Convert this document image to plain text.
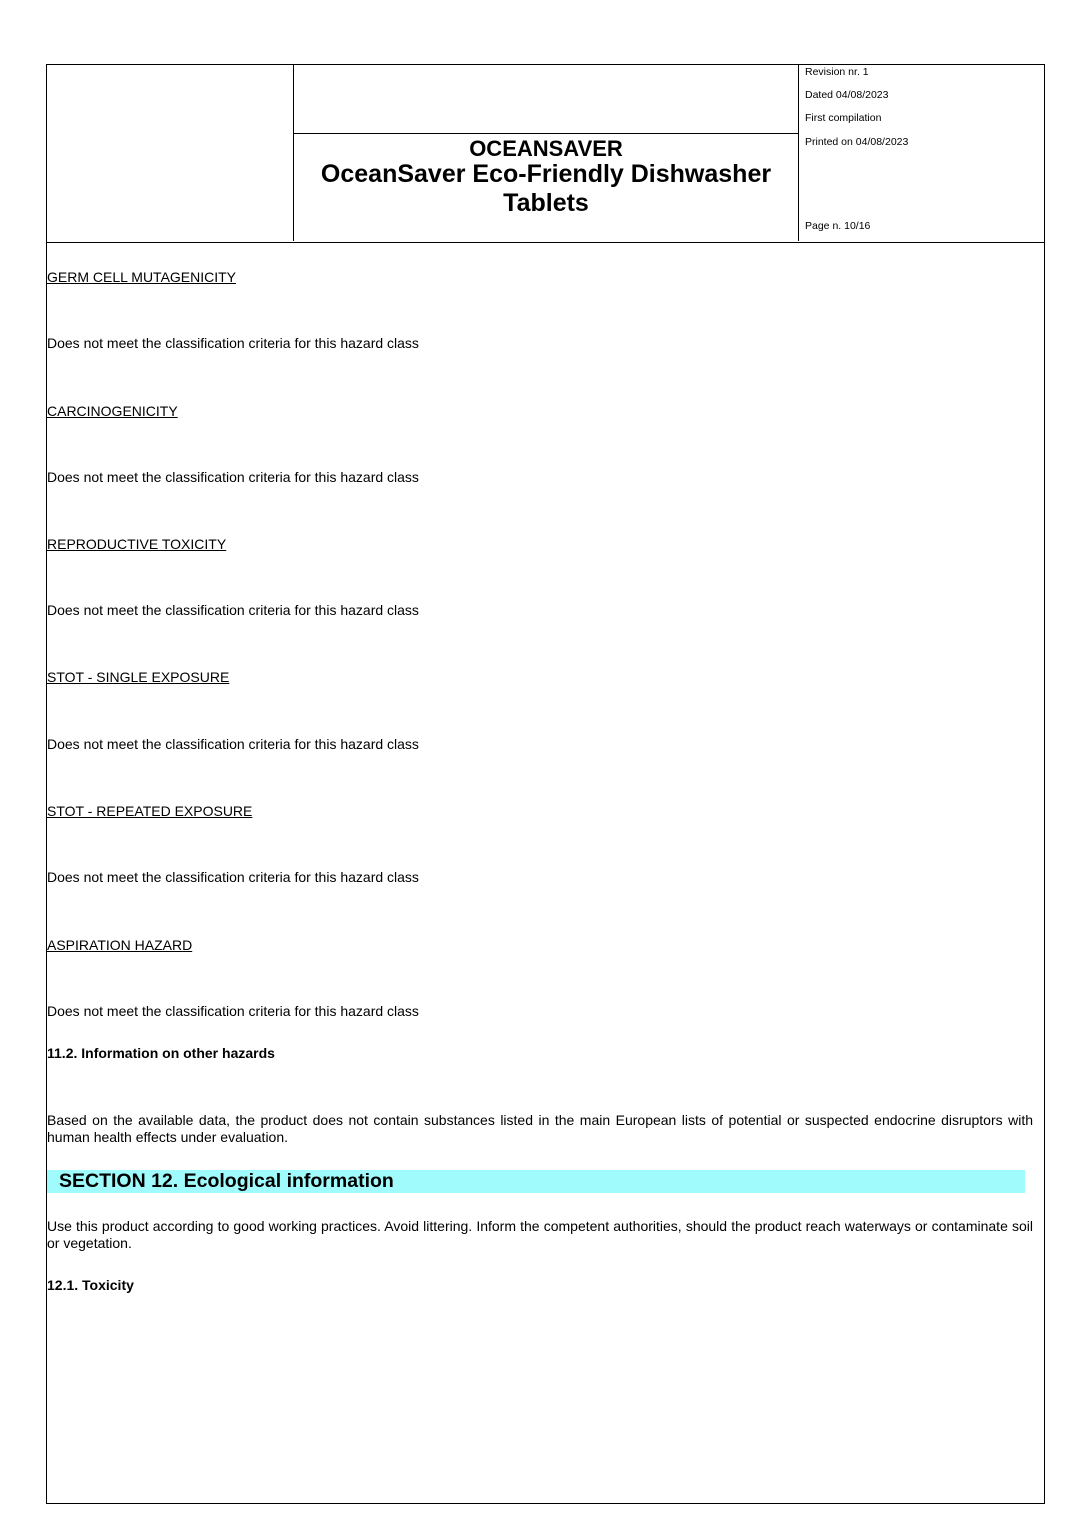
OCEANSAVER
OceanSaver Eco-Friendly Dishwasher
Tablets
Revision nr. 1
Dated 04/08/2023
First compilation
Printed on 04/08/2023
Page n. 10/16
GERM CELL MUTAGENICITY
Does not meet the classification criteria for this hazard class
CARCINOGENICITY
Does not meet the classification criteria for this hazard class
REPRODUCTIVE TOXICITY
Does not meet the classification criteria for this hazard class
STOT - SINGLE EXPOSURE
Does not meet the classification criteria for this hazard class
STOT - REPEATED EXPOSURE
Does not meet the classification criteria for this hazard class
ASPIRATION HAZARD
Does not meet the classification criteria for this hazard class
11.2. Information on other hazards
Based on the available data, the product does not contain substances listed in the main European lists of potential or suspected endocrine disruptors with human health effects under evaluation.
SECTION 12. Ecological information
Use this product according to good working practices. Avoid littering. Inform the competent authorities, should the product reach waterways or contaminate soil or vegetation.
12.1. Toxicity
